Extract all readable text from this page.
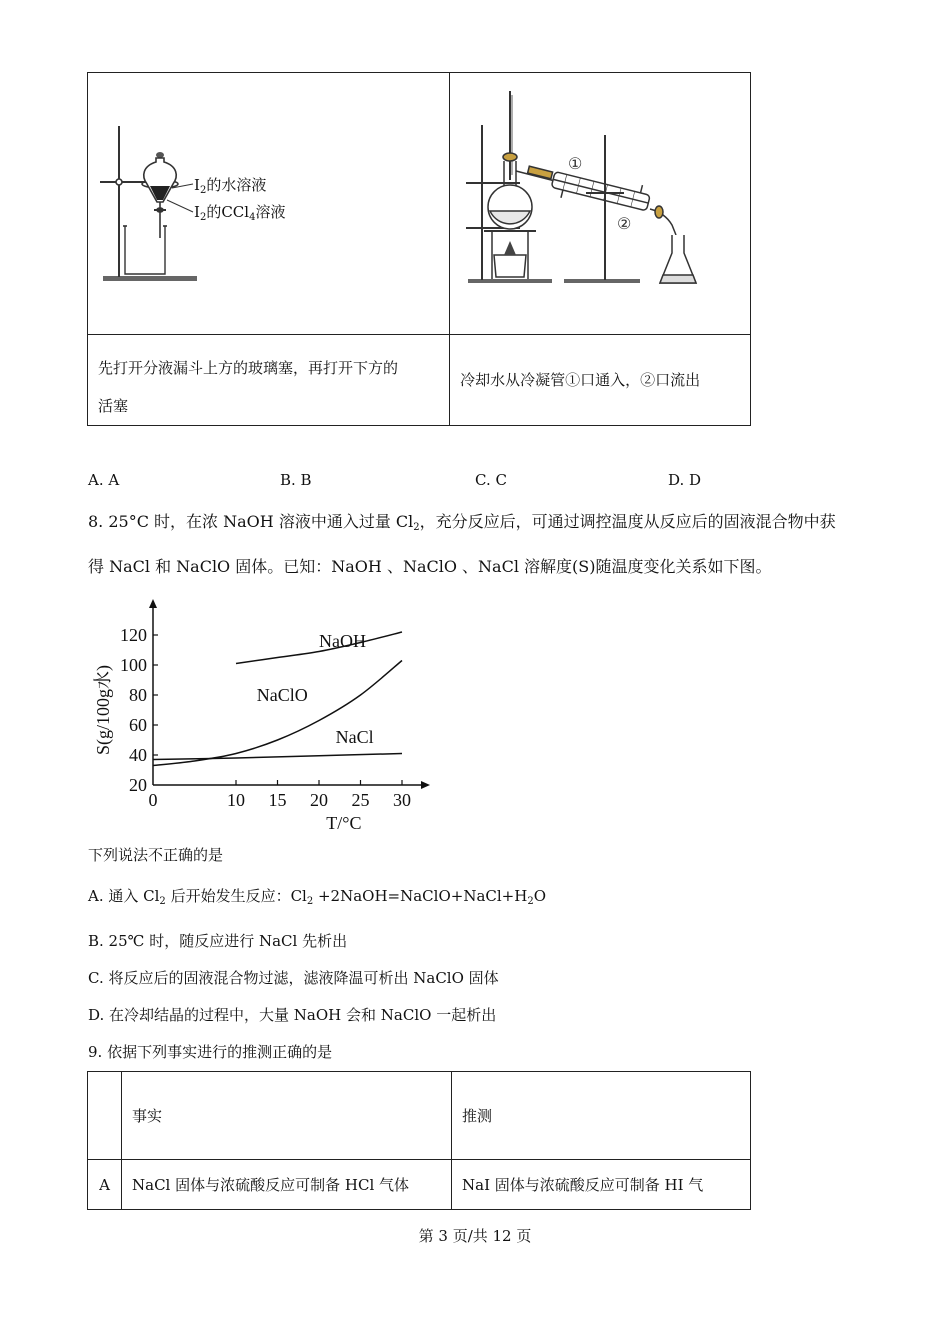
先打开分液漏斗上方的玻璃塞，再打开下方的
活塞	冷却水从冷凝管①口通入，②口流出
$I_2$的水溶液
$I_2$的CCl$_4$溶液
①
②
A. A	B. B	C. C	D. D
8. 25°C 时，在浓 NaOH 溶液中通入过量 $Cl_2$，充分反应后，可通过调控温度从反应后的固液混合物中获
得 NaCl 和 NaClO 固体。已知：NaOH 、NaClO 、NaCl 溶解度(S)随温度变化关系如下图。
0	10 15 20 25 30
20
40
60
80
100
120
T/°C
S(g/100g水)
NaOH
NaClO
NaCl
下列说法不正确的是
A. 通入 $Cl_2$ 后开始发生反应：$Cl_2$ $+2NaOH=NaClO+NaCl+H_2O$
B. 25℃ 时，随反应进行 NaCl 先析出
C. 将反应后的固液混合物过滤，滤液降温可析出 NaClO 固体
D. 在冷却结晶的过程中，大量 NaOH 会和 NaClO 一起析出
9. 依据下列事实进行的推测正确的是

	事实	推测

A	NaCl 固体与浓硫酸反应可制备 HCl 气体	NaI 固体与浓硫酸反应可制备 HI 气
第 3 页/共 12 页
